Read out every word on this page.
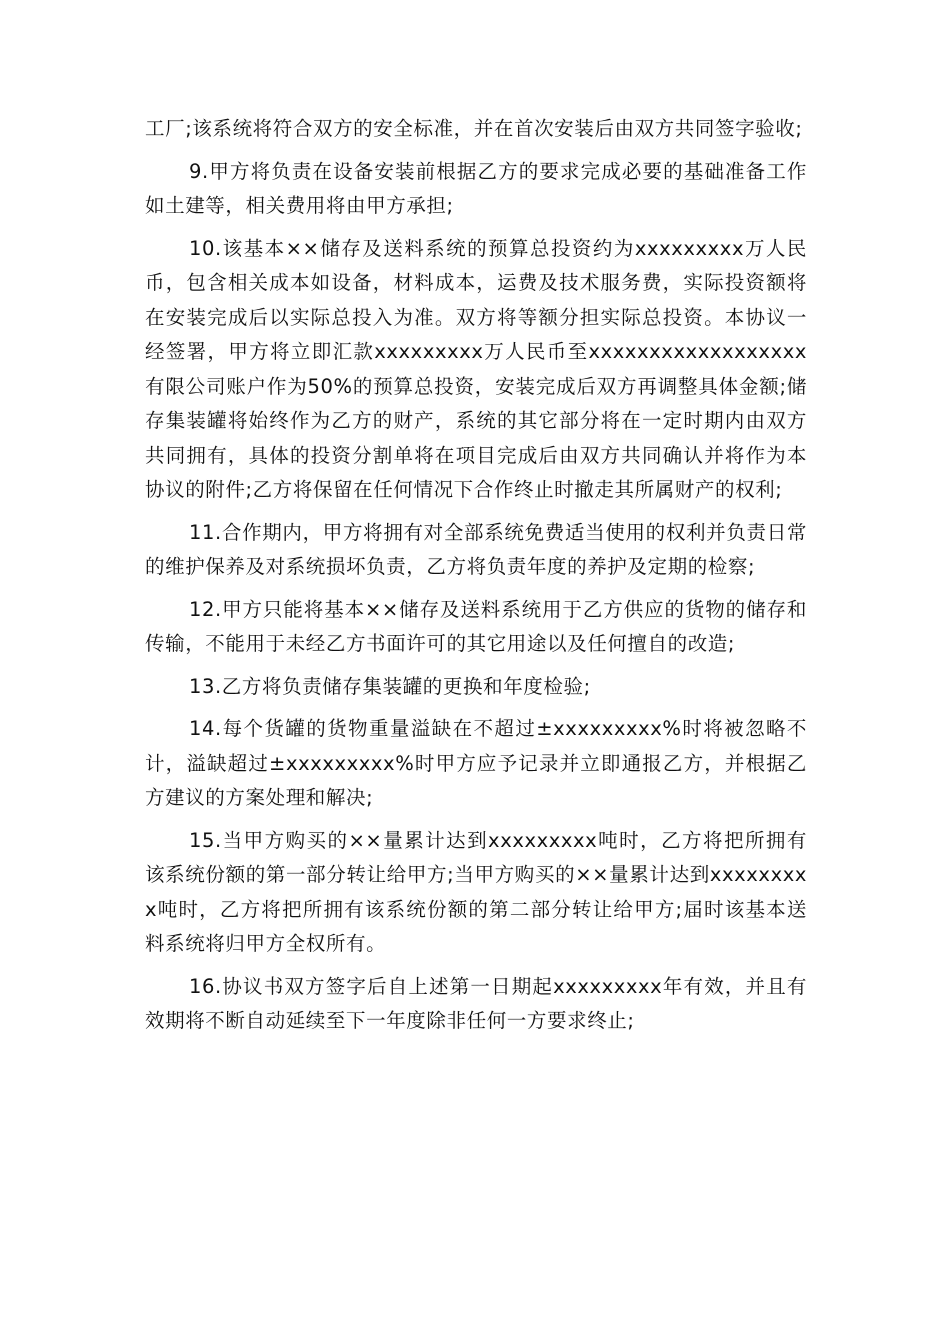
工厂;该系统将符合双方的安全标准，并在首次安装后由双方共同签字验收;

9.甲方将负责在设备安装前根据乙方的要求完成必要的基础准备工作如土建等，相关费用将由甲方承担;

10.该基本××储存及送料系统的预算总投资约为xxxxxxxxx万人民币，包含相关成本如设备，材料成本，运费及技术服务费，实际投资额将在安装完成后以实际总投入为准。双方将等额分担实际总投资。本协议一经签署，甲方将立即汇款xxxxxxxxx万人民币至xxxxxxxxxxxxxxxxxx有限公司账户作为50%的预算总投资，安装完成后双方再调整具体金额;储存集装罐将始终作为乙方的财产，系统的其它部分将在一定时期内由双方共同拥有，具体的投资分割单将在项目完成后由双方共同确认并将作为本协议的附件;乙方将保留在任何情况下合作终止时撤走其所属财产的权利;

11.合作期内，甲方将拥有对全部系统免费适当使用的权利并负责日常的维护保养及对系统损坏负责，乙方将负责年度的养护及定期的检察;

12.甲方只能将基本××储存及送料系统用于乙方供应的货物的储存和传输，不能用于未经乙方书面许可的其它用途以及任何擅自的改造;

13.乙方将负责储存集装罐的更换和年度检验;

14.每个货罐的货物重量溢缺在不超过±xxxxxxxxx%时将被忽略不计，溢缺超过±xxxxxxxxx%时甲方应予记录并立即通报乙方，并根据乙方建议的方案处理和解决;

15.当甲方购买的××量累计达到xxxxxxxxx吨时，乙方将把所拥有该系统份额的第一部分转让给甲方;当甲方购买的××量累计达到xxxxxxxxx吨时，乙方将把所拥有该系统份额的第二部分转让给甲方;届时该基本送料系统将归甲方全权所有。

16.协议书双方签字后自上述第一日期起xxxxxxxxx年有效，并且有效期将不断自动延续至下一年度除非任何一方要求终止;
